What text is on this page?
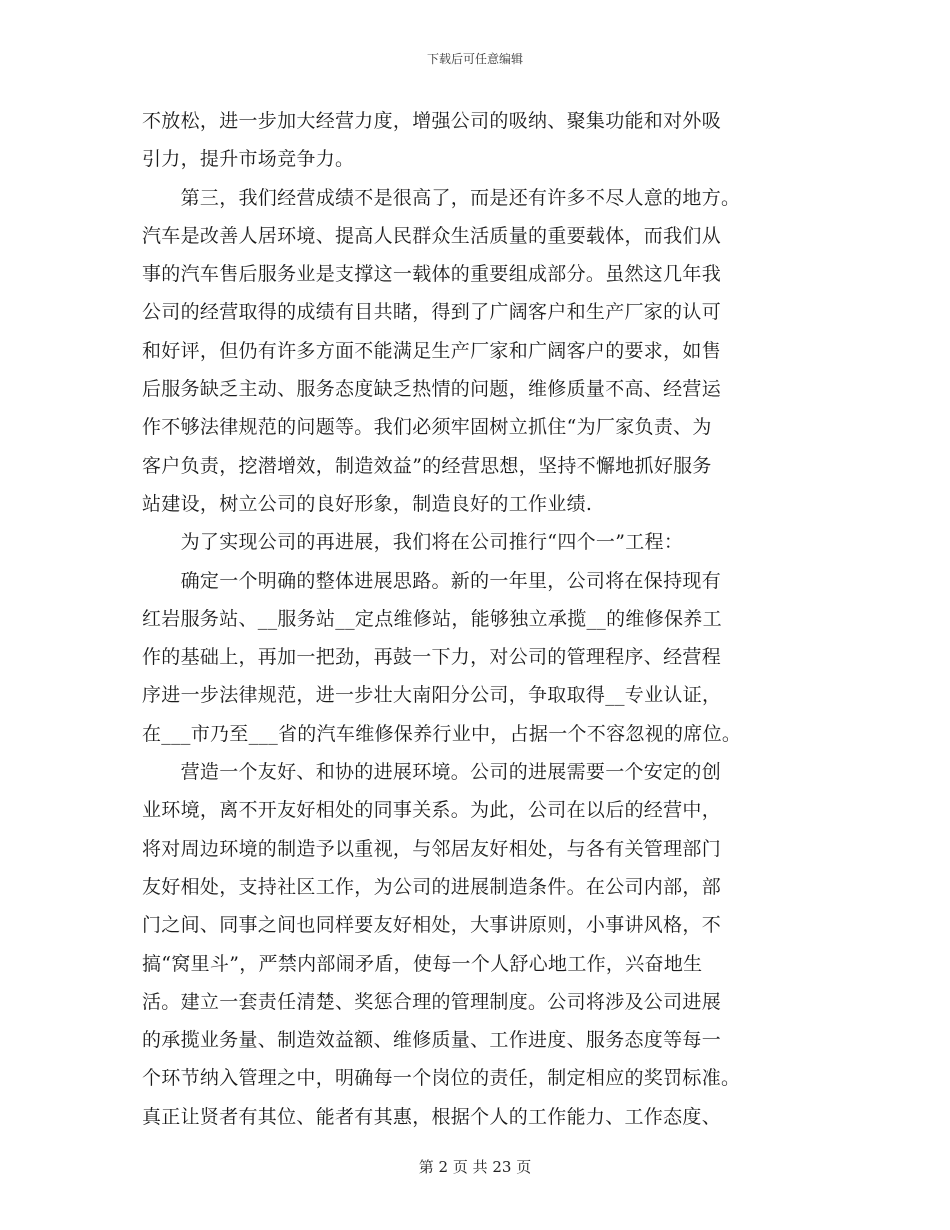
下载后可任意编辑
不放松，进一步加大经营力度，增强公司的吸纳、聚集功能和对外吸
引力，提升市场竞争力。
　　第三，我们经营成绩不是很高了，而是还有许多不尽人意的地方。
汽车是改善人居环境、提高人民群众生活质量的重要载体，而我们从
事的汽车售后服务业是支撑这一载体的重要组成部分。虽然这几年我
公司的经营取得的成绩有目共睹，得到了广阔客户和生产厂家的认可
和好评，但仍有许多方面不能满足生产厂家和广阔客户的要求，如售
后服务缺乏主动、服务态度缺乏热情的问题，维修质量不高、经营运
作不够法律规范的问题等。我们必须牢固树立抓住“为厂家负责、为
客户负责，挖潜增效，制造效益”的经营思想，坚持不懈地抓好服务
站建设，树立公司的良好形象，制造良好的工作业绩.
　　为了实现公司的再进展，我们将在公司推行“四个一”工程：
　　确定一个明确的整体进展思路。新的一年里，公司将在保持现有
红岩服务站、__服务站__定点维修站，能够独立承揽__的维修保养工
作的基础上，再加一把劲，再鼓一下力，对公司的管理程序、经营程
序进一步法律规范，进一步壮大南阳分公司，争取取得__专业认证，
在___市乃至___省的汽车维修保养行业中，占据一个不容忽视的席位。
　　营造一个友好、和协的进展环境。公司的进展需要一个安定的创
业环境，离不开友好相处的同事关系。为此，公司在以后的经营中，
将对周边环境的制造予以重视，与邻居友好相处，与各有关管理部门
友好相处，支持社区工作，为公司的进展制造条件。在公司内部，部
门之间、同事之间也同样要友好相处，大事讲原则，小事讲风格，不
搞“窝里斗”，严禁内部闹矛盾，使每一个人舒心地工作，兴奋地生
活。建立一套责任清楚、奖惩合理的管理制度。公司将涉及公司进展
的承揽业务量、制造效益额、维修质量、工作进度、服务态度等每一
个环节纳入管理之中，明确每一个岗位的责任，制定相应的奖罚标准。
真正让贤者有其位、能者有其惠，根据个人的工作能力、工作态度、
第 2 页 共 23 页
